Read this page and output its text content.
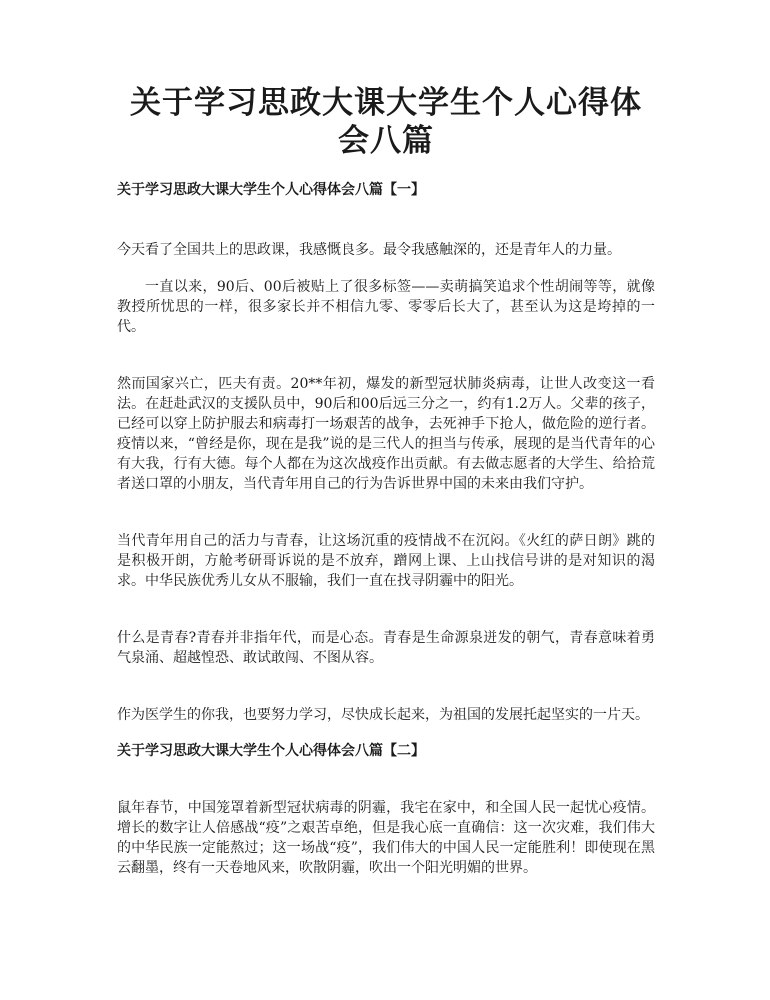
关于学习思政大课大学生个人心得体会八篇
关于学习思政大课大学生个人心得体会八篇【一】

今天看了全国共上的思政课，我感慨良多。最令我感触深的，还是青年人的力量。

一直以来，90后、00后被贴上了很多标签——卖萌搞笑追求个性胡闹等等，就像教授所忧思的一样，很多家长并不相信九零、零零后长大了，甚至认为这是垮掉的一代。

然而国家兴亡，匹夫有责。20**年初，爆发的新型冠状肺炎病毒，让世人改变这一看法。在赶赴武汉的支援队员中，90后和00后远三分之一，约有1.2万人。父辈的孩子，已经可以穿上防护服去和病毒打一场艰苦的战争，去死神手下抢人，做危险的逆行者。疫情以来，“曾经是你，现在是我”说的是三代人的担当与传承，展现的是当代青年的心有大我，行有大德。每个人都在为这次战疫作出贡献。有去做志愿者的大学生、给拾荒者送口罩的小朋友，当代青年用自己的行为告诉世界中国的未来由我们守护。

当代青年用自己的活力与青春，让这场沉重的疫情战不在沉闷。《火红的萨日朗》跳的是积极开朗，方舱考研哥诉说的是不放弃，蹭网上课、上山找信号讲的是对知识的渴求。中华民族优秀儿女从不服输，我们一直在找寻阴霾中的阳光。

什么是青春?青春并非指年代，而是心态。青春是生命源泉迸发的朝气，青春意味着勇气泉涌、超越惶恐、敢试敢闯、不图从容。

作为医学生的你我，也要努力学习，尽快成长起来，为祖国的发展托起坚实的一片天。

关于学习思政大课大学生个人心得体会八篇【二】

鼠年春节，中国笼罩着新型冠状病毒的阴霾，我宅在家中，和全国人民一起忧心疫情。增长的数字让人倍感战“疫”之艰苦卓绝，但是我心底一直确信：这一次灾难，我们伟大的中华民族一定能熬过；这一场战“疫”，我们伟大的中国人民一定能胜利！即使现在黑云翻墨，终有一天卷地风来，吹散阴霾，吹出一个阳光明媚的世界。
